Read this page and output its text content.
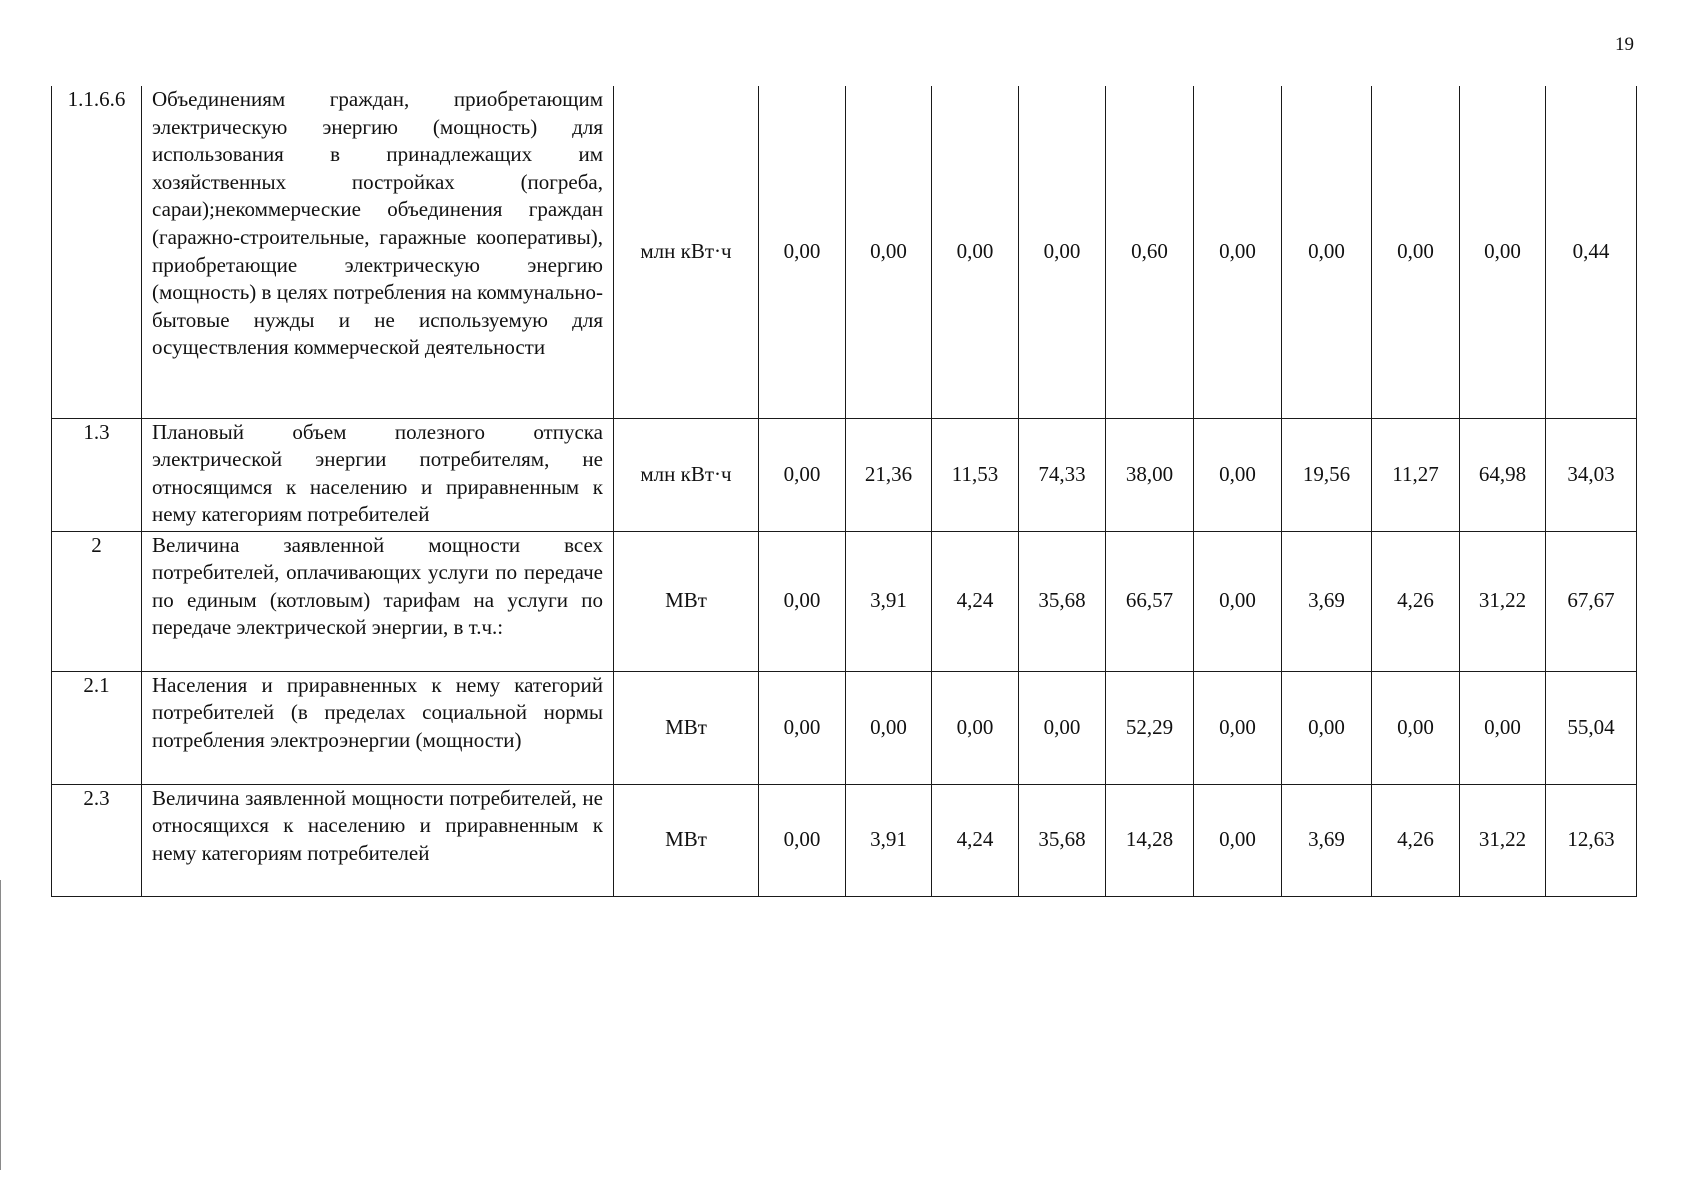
19
1.1.6.6	Объединениям граждан, приобретающим электрическую энергию (мощность) для использования в принадлежащих им хозяйственных постройках (погреба, сараи);некоммерческие объединения граждан (гаражно-строительные, гаражные кооперативы), приобретающие электрическую энергию (мощность) в целях потребления на коммунально-бытовые нужды и не используемую для осуществления коммерческой деятельности	млн кВт·ч	0,00	0,00	0,00	0,00	0,60	0,00	0,00	0,00	0,00	0,44
1.3	Плановый объем полезного отпуска электрической энергии потребителям, не относящимся к населению и приравненным к нему категориям потребителей	млн кВт·ч	0,00	21,36	11,53	74,33	38,00	0,00	19,56	11,27	64,98	34,03
2	Величина заявленной мощности всех потребителей, оплачивающих услуги по передаче по единым (котловым) тарифам на услуги по передаче электрической энергии, в т.ч.:	МВт	0,00	3,91	4,24	35,68	66,57	0,00	3,69	4,26	31,22	67,67
2.1	Населения и приравненных к нему категорий потребителей (в пределах социальной нормы потребления электроэнергии (мощности)	МВт	0,00	0,00	0,00	0,00	52,29	0,00	0,00	0,00	0,00	55,04
2.3	Величина заявленной мощности потребителей, не относящихся к населению и приравненным к нему категориям потребителей	МВт	0,00	3,91	4,24	35,68	14,28	0,00	3,69	4,26	31,22	12,63
